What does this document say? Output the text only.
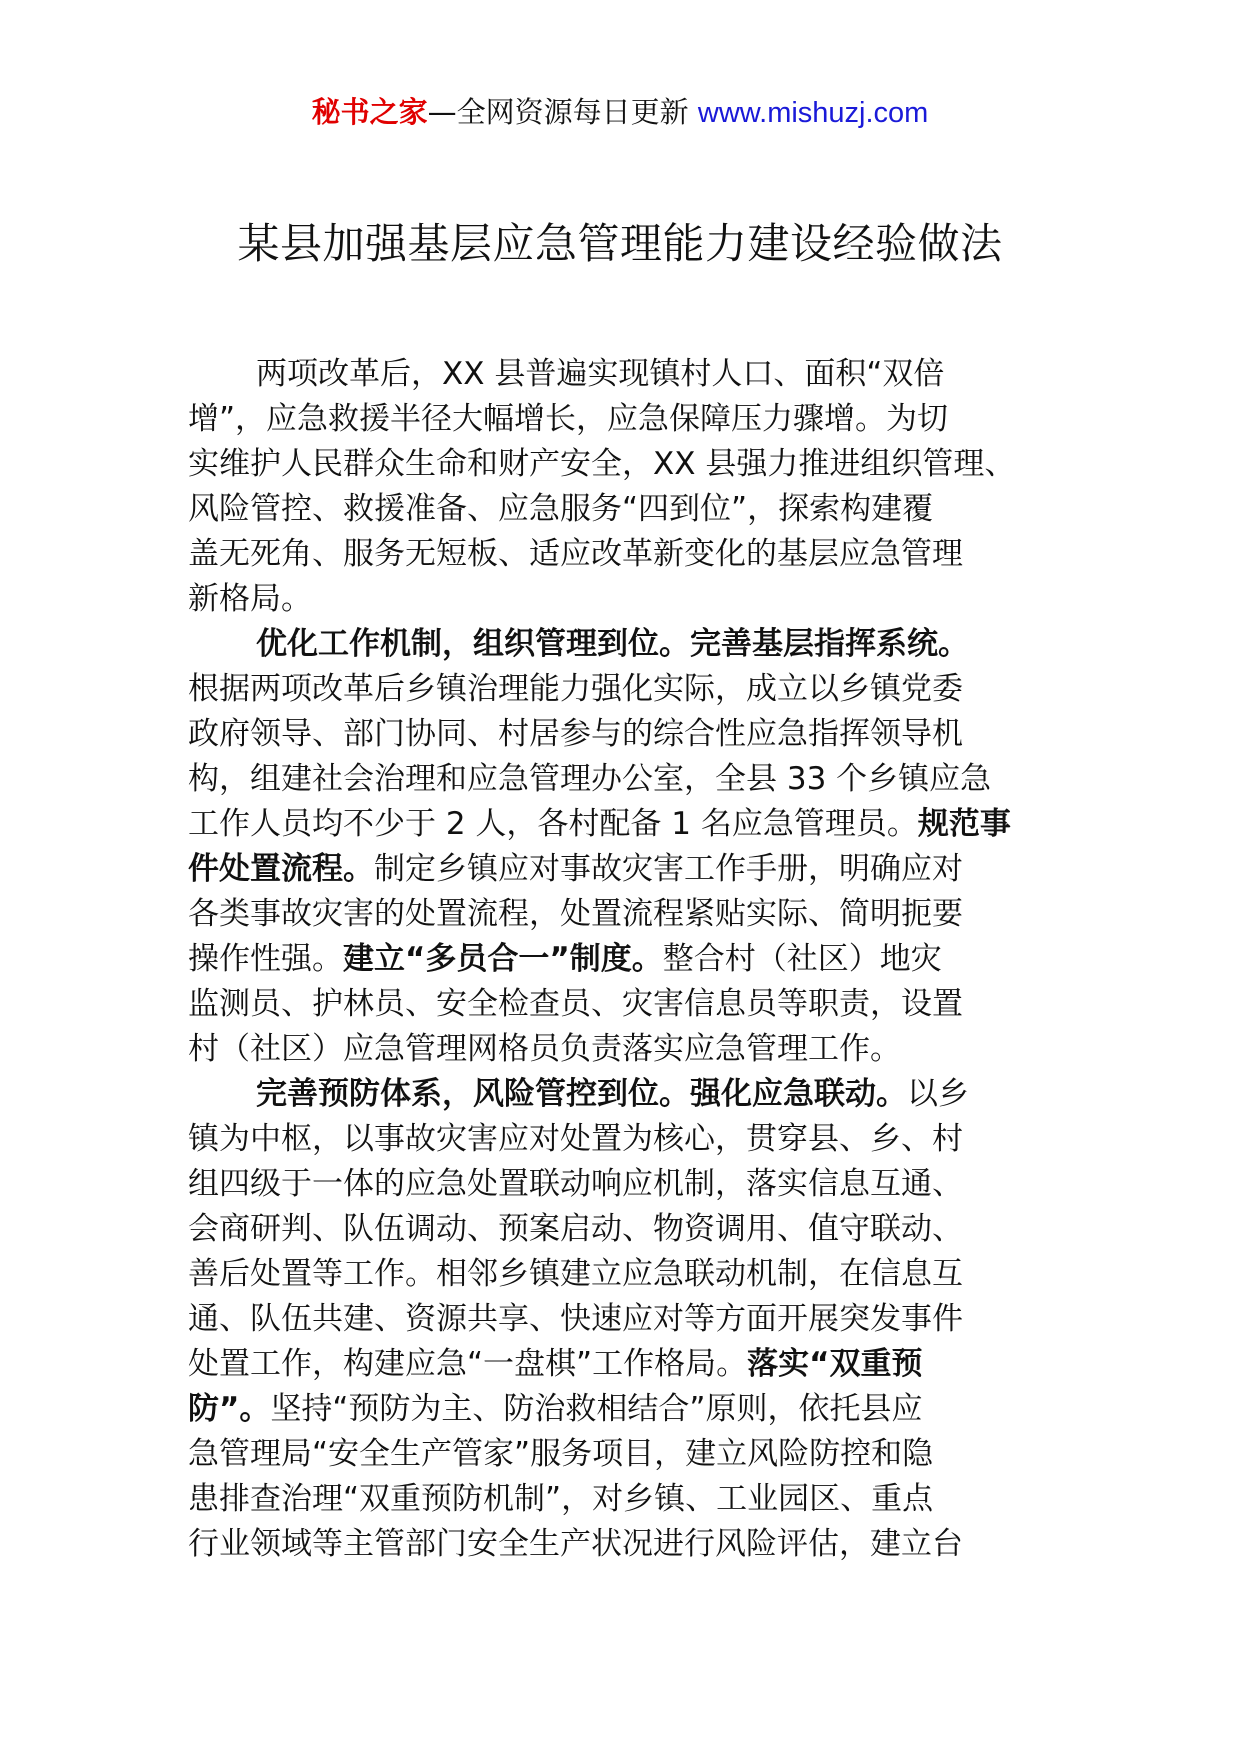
秘书之家—全网资源每日更新 www.mishuzj.com
某县加强基层应急管理能力建设经验做法
两项改革后，XX 县普遍实现镇村人口、面积“双倍
增”，应急救援半径大幅增长，应急保障压力骤增。为切
实维护人民群众生命和财产安全，XX 县强力推进组织管理、
风险管控、救援准备、应急服务“四到位”，探索构建覆
盖无死角、服务无短板、适应改革新变化的基层应急管理
新格局。
优化工作机制，组织管理到位。完善基层指挥系统。
根据两项改革后乡镇治理能力强化实际，成立以乡镇党委
政府领导、部门协同、村居参与的综合性应急指挥领导机
构，组建社会治理和应急管理办公室，全县 33 个乡镇应急
工作人员均不少于 2 人，各村配备 1 名应急管理员。规范事
件处置流程。制定乡镇应对事故灾害工作手册，明确应对
各类事故灾害的处置流程，处置流程紧贴实际、简明扼要
操作性强。建立“多员合一”制度。整合村（社区）地灾
监测员、护林员、安全检查员、灾害信息员等职责，设置
村（社区）应急管理网格员负责落实应急管理工作。
完善预防体系，风险管控到位。强化应急联动。以乡
镇为中枢，以事故灾害应对处置为核心，贯穿县、乡、村
组四级于一体的应急处置联动响应机制，落实信息互通、
会商研判、队伍调动、预案启动、物资调用、值守联动、
善后处置等工作。相邻乡镇建立应急联动机制，在信息互
通、队伍共建、资源共享、快速应对等方面开展突发事件
处置工作，构建应急“一盘棋”工作格局。落实“双重预
防”。坚持“预防为主、防治救相结合”原则，依托县应
急管理局“安全生产管家”服务项目，建立风险防控和隐
患排查治理“双重预防机制”，对乡镇、工业园区、重点
行业领域等主管部门安全生产状况进行风险评估，建立台
